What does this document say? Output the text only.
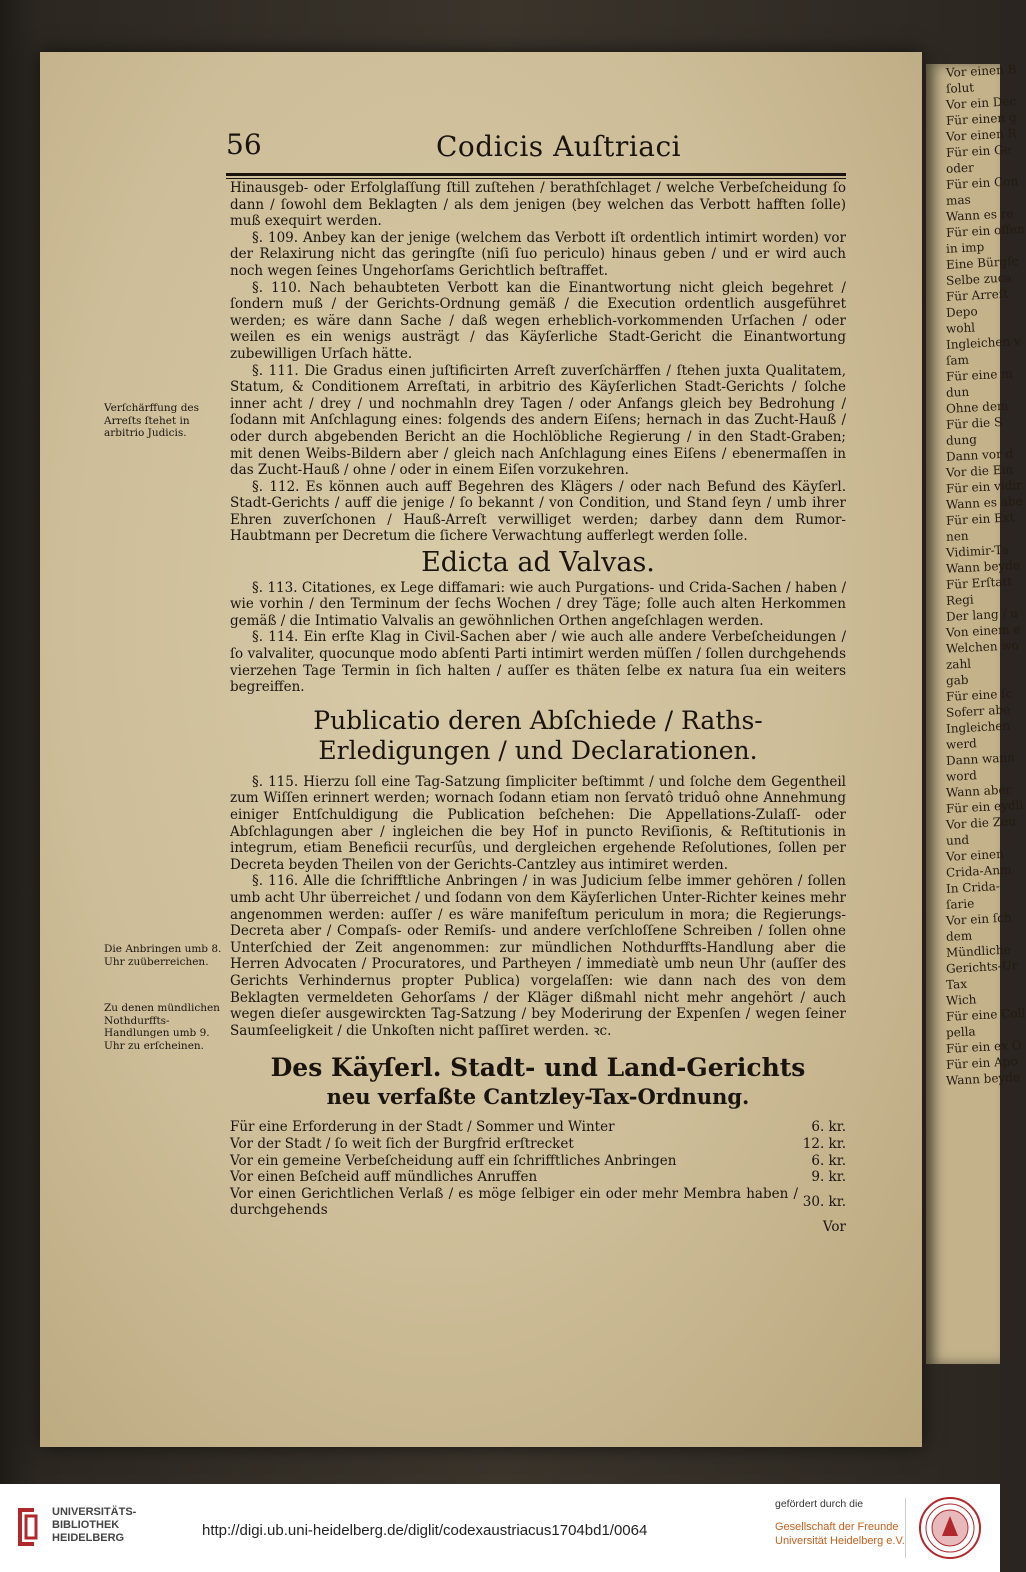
Vor einen B
ſolut
Vor ein Dec
Für einen g
Vor einen R
Für ein Ge
oder
Für ein Con
mas
Wann es re
Für ein offen
in imp
Eine Bürgſc
Selbe zuca
Für Arreſt
Depo
wohl
Ingleichen v
ſam
Für eine m
dun
Ohne dem
Für die S
dung
Dann vor d
Vor die Ein
Für ein vidir
Wann es abe
Für ein Ext
nen
Vidimir-Ta
Wann beyde
Für Erſtatt
Regi
Der lang / u
Von einem e
Welchen wo
zahl
gab
Für eine ſc
Soferr abe
Ingleichen
werd
Dann wann
word
Wann aber
Für ein eydli
Vor die Zeu
und
Vor einen
Crida-Anm
In Crida-
ſarie
Vor ein ſch
dem
Mündliche
Gerichts-Ur
Tax
Wich
Für eine Coll
pella
Für ein ex O
Für ein Apo
Wann beyde
56	Codicis Auſtriaci
Verſchärffung des Arreſts ſtehet in arbitrio Judicis.
Die Anbringen umb 8. Uhr zuüberreichen.
Zu denen mündlichen Nothdurffts-Handlungen umb 9. Uhr zu erſcheinen.

Hinausgeb- oder Erfolglaſſung ſtill zuſtehen / berathſchlaget / welche Verbeſcheidung ſo dann / ſowohl dem Beklagten / als dem jenigen (bey welchen das Verbott hafften ſolle) muß exequirt werden.

§. 109. Anbey kan der jenige (welchem das Verbott iſt ordentlich intimirt worden) vor der Relaxirung nicht das geringſte (niſi ſuo periculo) hinaus geben / und er wird auch noch wegen ſeines Ungehorſams Gerichtlich beſtraffet.

§. 110. Nach behaubteten Verbott kan die Einantwortung nicht gleich begehret / ſondern muß / der Gerichts-Ordnung gemäß / die Execution ordentlich ausgeführet werden; es wäre dann Sache / daß wegen erheblich-vorkommenden Urſachen / oder weilen es ein wenigs austrägt / das Käyſerliche Stadt-Gericht die Einantwortung zubewilligen Urſach hätte.

§. 111. Die Gradus einen juſtificirten Arreſt zuverſchärffen / ſtehen juxta Qualitatem, Statum, & Conditionem Arreſtati, in arbitrio des Käyſerlichen Stadt-Gerichts / ſolche inner acht / drey / und nochmahln drey Tagen / oder Anfangs gleich bey Bedrohung / ſodann mit Anſchlagung eines: folgends des andern Eiſens; hernach in das Zucht-Hauß / oder durch abgebenden Bericht an die Hochlöbliche Regierung / in den Stadt-Graben; mit denen Weibs-Bildern aber / gleich nach Anſchlagung eines Eiſens / ebenermaſſen in das Zucht-Hauß / ohne / oder in einem Eiſen vorzukehren.

§. 112. Es können auch auff Begehren des Klägers / oder nach Befund des Käyſerl. Stadt-Gerichts / auff die jenige / ſo bekannt / von Condition, und Stand ſeyn / umb ihrer Ehren zuverſchonen / Hauß-Arreſt verwilliget werden; darbey dann dem Rumor-Haubtmann per Decretum die ſichere Verwachtung aufferlegt werden ſolle.

Edicta ad Valvas.

§. 113. Citationes, ex Lege diffamari: wie auch Purgations- und Crida-Sachen / haben / wie vorhin / den Terminum der ſechs Wochen / drey Täge; ſolle auch alten Herkommen gemäß / die Intimatio Valvalis an gewöhnlichen Orthen angeſchlagen werden.

§. 114. Ein erſte Klag in Civil-Sachen aber / wie auch alle andere Verbeſcheidungen / ſo valvaliter, quocunque modo abſenti Parti intimirt werden müſſen / ſollen durchgehends vierzehen Tage Termin in ſich halten / auſſer es thäten ſelbe ex natura ſua ein weiters begreiffen.

Publicatio deren Abſchiede / Raths-Erledigungen / und Declarationen.

§. 115. Hierzu ſoll eine Tag-Satzung ſimpliciter beſtimmt / und ſolche dem Gegentheil zum Wiſſen erinnert werden; wornach ſodann etiam non ſervatô triduô ohne Annehmung einiger Entſchuldigung die Publication beſchehen: Die Appellations-Zulaſſ- oder Abſchlagungen aber / ingleichen die bey Hof in puncto Reviſionis, & Reſtitutionis in integrum, etiam Beneficii recurſûs, und dergleichen ergehende Reſolutiones, ſollen per Decreta beyden Theilen von der Gerichts-Cantzley aus intimiret werden.

§. 116. Alle die ſchrifftliche Anbringen / in was Judicium ſelbe immer gehören / ſollen umb acht Uhr überreichet / und ſodann von dem Käyſerlichen Unter-Richter keines mehr angenommen werden: auſſer / es wäre manifeſtum periculum in mora; die Regierungs-Decreta aber / Compaſs- oder Remiſs- und andere verſchloſſene Schreiben / ſollen ohne Unterſchied der Zeit angenommen: zur mündlichen Nothdurffts-Handlung aber die Herren Advocaten / Procuratores, und Partheyen / immediatè umb neun Uhr (auſſer des Gerichts Verhindernus propter Publica) vorgelaſſen: wie dann nach des von dem Beklagten vermeldeten Gehorſams / der Kläger dißmahl nicht mehr angehört / auch wegen dieſer ausgewirckten Tag-Satzung / bey Moderirung der Expenſen / wegen ſeiner Saumſeeligkeit / die Unkoſten nicht paſſiret werden. ꝛc.

Des Käyſerl. Stadt- und Land-Gerichts
neu verfaßte Cantzley-Tax-Ordnung.
Für eine Erforderung in der Stadt / Sommer und Winter	6. kr.
Vor der Stadt / ſo weit ſich der Burgfrid erſtrecket	12. kr.
Vor ein gemeine Verbeſcheidung auff ein ſchrifftliches Anbringen	6. kr.
Vor einen Beſcheid auff mündliches Anruffen	9. kr.
Vor einen Gerichtlichen Verlaß / es möge ſelbiger ein oder mehr Membra haben / durchgehends	30. kr.
Vor
UNIVERSITÄTS-
BIBLIOTHEK
HEIDELBERG	http://digi.ub.uni-heidelberg.de/diglit/codexaustriacus1704bd1/0064
gefördert durch die
Gesellschaft der Freunde
Universität Heidelberg e.V.
